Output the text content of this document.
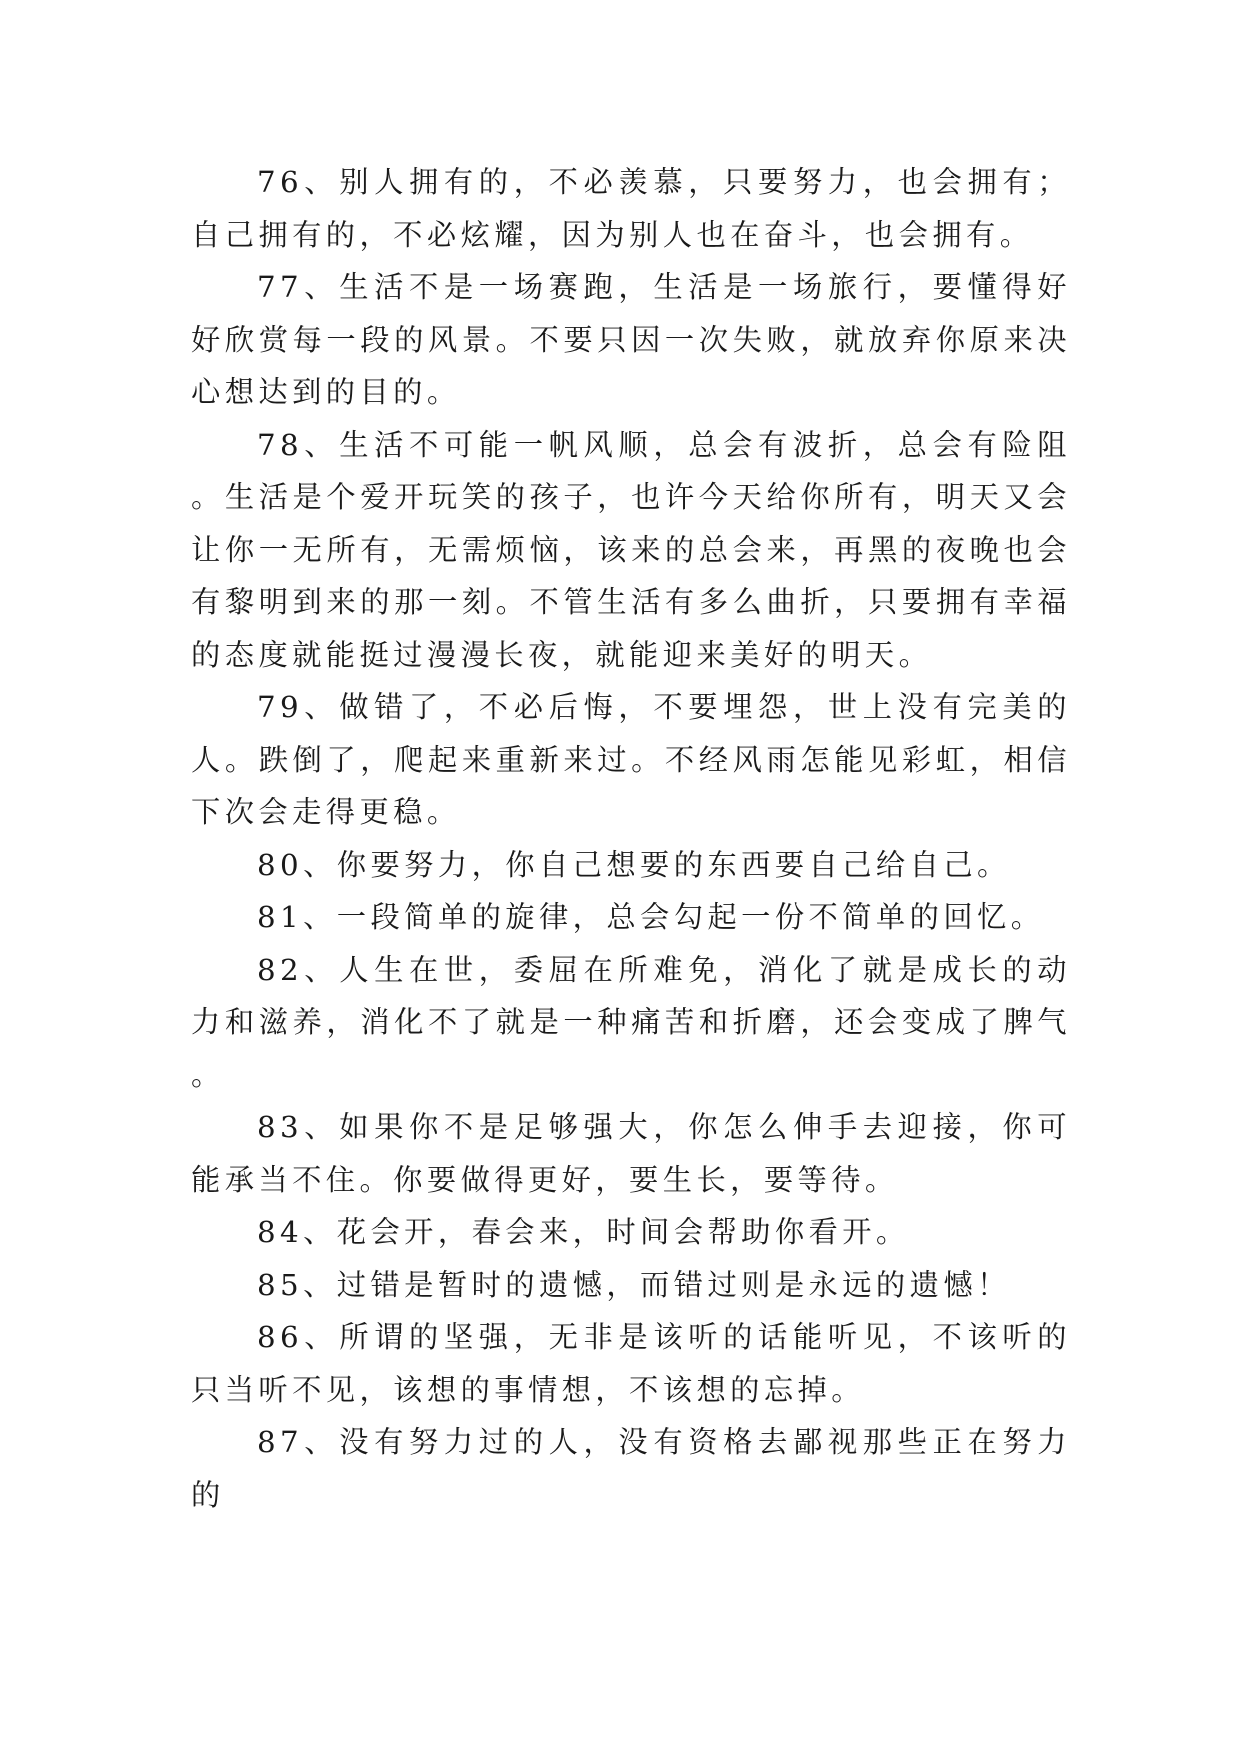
76、别人拥有的，不必羡慕，只要努力，也会拥有；自己拥有的，不必炫耀，因为别人也在奋斗，也会拥有。

77、生活不是一场赛跑，生活是一场旅行，要懂得好好欣赏每一段的风景。不要只因一次失败，就放弃你原来决心想达到的目的。

78、生活不可能一帆风顺，总会有波折，总会有险阻。生活是个爱开玩笑的孩子，也许今天给你所有，明天又会让你一无所有，无需烦恼，该来的总会来，再黑的夜晚也会有黎明到来的那一刻。不管生活有多么曲折，只要拥有幸福的态度就能挺过漫漫长夜，就能迎来美好的明天。

79、做错了，不必后悔，不要埋怨，世上没有完美的人。跌倒了，爬起来重新来过。不经风雨怎能见彩虹，相信下次会走得更稳。

80、你要努力，你自己想要的东西要自己给自己。

81、一段简单的旋律，总会勾起一份不简单的回忆。

82、人生在世，委屈在所难免，消化了就是成长的动力和滋养，消化不了就是一种痛苦和折磨，还会变成了脾气。

83、如果你不是足够强大，你怎么伸手去迎接，你可能承当不住。你要做得更好，要生长，要等待。

84、花会开，春会来，时间会帮助你看开。

85、过错是暂时的遗憾，而错过则是永远的遗憾！

86、所谓的坚强，无非是该听的话能听见，不该听的只当听不见，该想的事情想，不该想的忘掉。

87、没有努力过的人，没有资格去鄙视那些正在努力的
